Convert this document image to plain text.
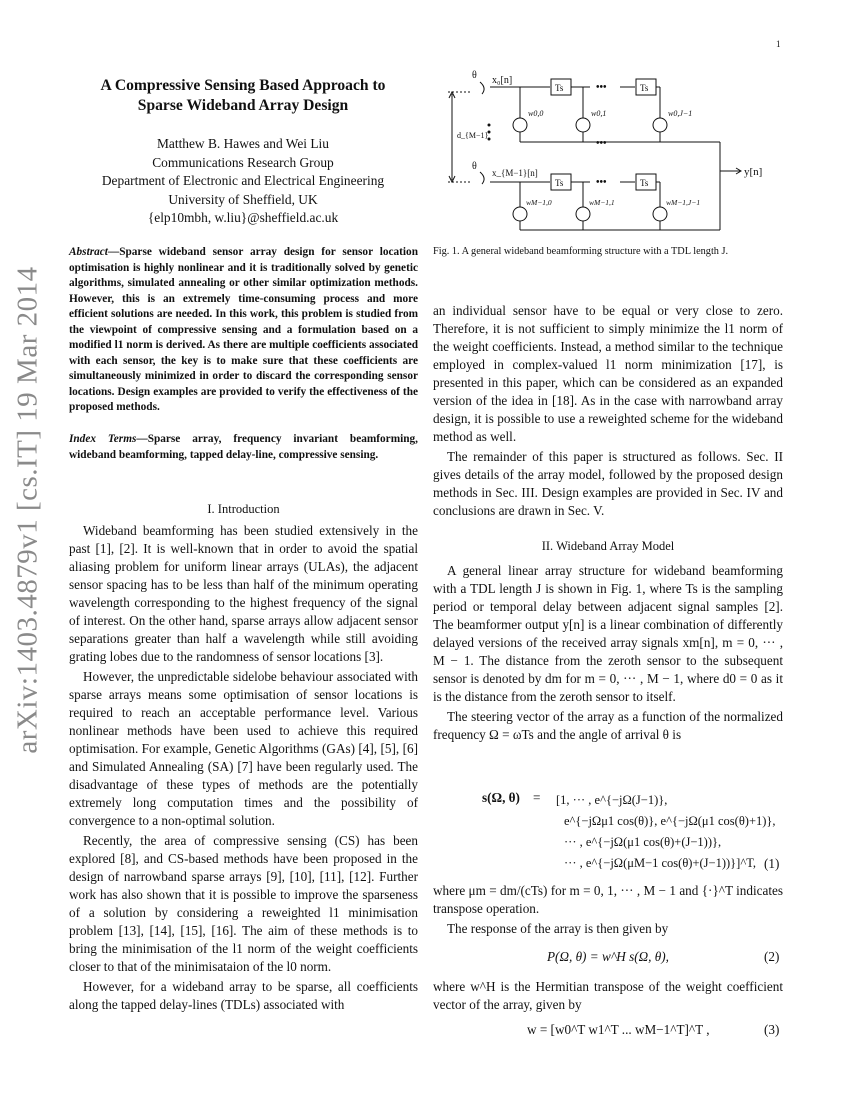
1
arXiv:1403.4879v1 [cs.IT] 19 Mar 2014
A Compressive Sensing Based Approach to
Sparse Wideband Array Design
Matthew B. Hawes and Wei Liu
Communications Research Group
Department of Electronic and Electrical Engineering
University of Sheffield, UK
{elp10mbh, w.liu}@sheffield.ac.uk
Abstract—Sparse wideband sensor array design for sensor location optimisation is highly nonlinear and it is traditionally solved by genetic algorithms, simulated annealing or other similar optimization methods. However, this is an extremely time-consuming process and more efficient solutions are needed. In this work, this problem is studied from the viewpoint of compressive sensing and a formulation based on a modified l1 norm is derived. As there are multiple coefficients associated with each sensor, the key is to make sure that these coefficients are simultaneously minimized in order to discard the corresponding sensor locations. Design examples are provided to verify the effectiveness of the proposed methods.
Index Terms—Sparse array, frequency invariant beamforming, wideband beamforming, tapped delay-line, compressive sensing.
I. Introduction

Wideband beamforming has been studied extensively in the past [1], [2]. It is well-known that in order to avoid the spatial aliasing problem for uniform linear arrays (ULAs), the adjacent sensor spacing has to be less than half of the minimum operating wavelength corresponding to the highest frequency of the signal of interest. On the other hand, sparse arrays allow adjacent sensor separations greater than half a wavelength while still avoiding grating lobes due to the randomness of sensor locations [3].

However, the unpredictable sidelobe behaviour associated with sparse arrays means some optimisation of sensor locations is required to reach an acceptable performance level. Various nonlinear methods have been used to achieve this required optimisation. For example, Genetic Algorithms (GAs) [4], [5], [6] and Simulated Annealing (SA) [7] have been regularly used. The disadvantage of these types of methods are the potentially extremely long computation times and the possibility of convergence to a non-optimal solution.

Recently, the area of compressive sensing (CS) has been explored [8], and CS-based methods have been proposed in the design of narrowband sparse arrays [9], [10], [11], [12]. Further work has also shown that it is possible to improve the sparseness of a solution by considering a reweighted l1 minimisation problem [13], [14], [15], [16]. The aim of these methods is to bring the minimisation of the l1 norm of the weight coefficients closer to that of the minimisataion of the l0 norm.

However, for a wideband array to be sparse, all coefficients along the tapped delay-lines (TDLs) associated with

θ x₀[n]
Ts	•••	Ts
w0,0	w0,1	w0,J−1
d_{M−1}
•••
θ
x_{M−1}[n]
Ts	•••	Ts
wM−1,0	wM−1,1	wM−1,J−1
y[n]
Fig. 1. A general wideband beamforming structure with a TDL length J.

an individual sensor have to be equal or very close to zero. Therefore, it is not sufficient to simply minimize the l1 norm of the weight coefficients. Instead, a method similar to the technique employed in complex-valued l1 norm minimization [17], is presented in this paper, which can be considered as an expanded version of the idea in [18]. As in the case with narrowband array design, it is possible to use a reweighted scheme for the wideband method as well.

The remainder of this paper is structured as follows. Sec. II gives details of the array model, followed by the proposed design methods in Sec. III. Design examples are provided in Sec. IV and conclusions are drawn in Sec. V.

II. Wideband Array Model

A general linear array structure for wideband beamforming with a TDL length J is shown in Fig. 1, where Ts is the sampling period or temporal delay between adjacent signal samples [2]. The beamformer output y[n] is a linear combination of differently delayed versions of the received array signals xm[n], m = 0, ··· , M − 1. The distance from the zeroth sensor to the subsequent sensor is denoted by dm for m = 0, ··· , M − 1, where d0 = 0 as it is the distance from the zeroth sensor to itself.

The steering vector of the array as a function of the normalized frequency Ω = ωTs and the angle of arrival θ is

s(Ω, θ) = [1, ··· , e^{−jΩ(J−1)},
e^{−jΩμ1 cos(θ)}, e^{−jΩ(μ1 cos(θ)+1)},
··· , e^{−jΩ(μ1 cos(θ)+(J−1))},
··· , e^{−jΩ(μM−1 cos(θ)+(J−1))}]^T, (1)
where μm = dm/(cTs) for m = 0, 1, ··· , M − 1 and {·}^T indicates transpose operation.
The response of the array is then given by
P(Ω, θ) = w^H s(Ω, θ),	(2)
where w^H is the Hermitian transpose of the weight coefficient vector of the array, given by
w = [w0^T w1^T ... wM−1^T]^T ,	(3)
